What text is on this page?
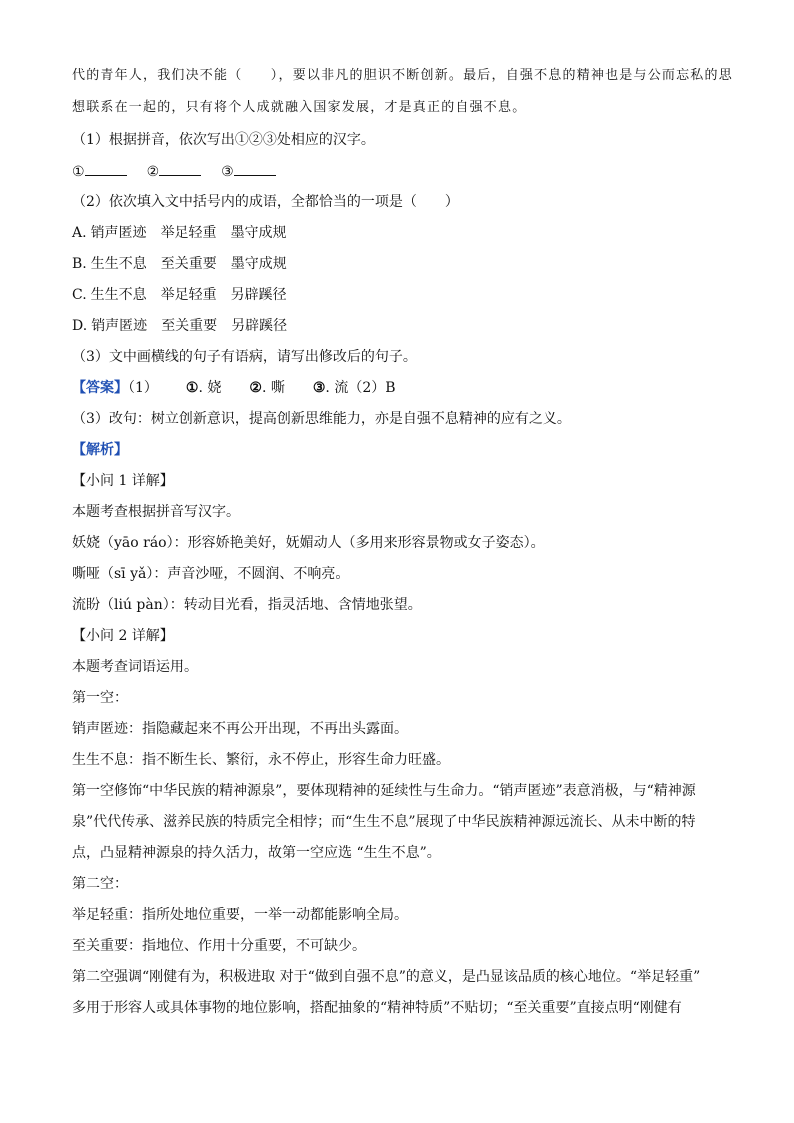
代的青年人，我们决不能（　　），要以非凡的胆识不断创新。最后，自强不息的精神也是与公而忘私的思
想联系在一起的，只有将个人成就融入国家发展，才是真正的自强不息。
（1）根据拼音，依次写出①②③处相应的汉字。
①	②	③
（2）依次填入文中括号内的成语，全都恰当的一项是（　　）
A. 销声匿迹 举足轻重 墨守成规
B. 生生不息 至关重要 墨守成规
C. 生生不息 举足轻重 另辟蹊径
D. 销声匿迹 至关重要 另辟蹊径
（3）文中画横线的句子有语病，请写出修改后的句子。
【答案】（1） ①. 娆 ②. 嘶 ③. 流（2）B
（3）改句：树立创新意识，提高创新思维能力，亦是自强不息精神的应有之义。
【解析】
【小问 1 详解】
本题考查根据拼音写汉字。
妖娆（yāo ráo）：形容娇艳美好，妩媚动人（多用来形容景物或女子姿态）。
嘶哑（sī yǎ）：声音沙哑，不圆润、不响亮。
流盼（liú pàn）：转动目光看，指灵活地、含情地张望。
【小问 2 详解】
本题考查词语运用。
第一空：
销声匿迹：指隐藏起来不再公开出现，不再出头露面。
生生不息：指不断生长、繁衍，永不停止，形容生命力旺盛。
第一空修饰“中华民族的精神源泉”，要体现精神的延续性与生命力。“销声匿迹”表意消极，与“精神源
泉”代代传承、滋养民族的特质完全相悖；而“生生不息”展现了中华民族精神源远流长、从未中断的特
点，凸显精神源泉的持久活力，故第一空应选 “生生不息”。
第二空：
举足轻重：指所处地位重要，一举一动都能影响全局。
至关重要：指地位、作用十分重要，不可缺少。
第二空强调“刚健有为，积极进取 对于“做到自强不息”的意义，是凸显该品质的核心地位。“举足轻重”
多用于形容人或具体事物的地位影响，搭配抽象的“精神特质”不贴切；“至关重要”直接点明“刚健有
